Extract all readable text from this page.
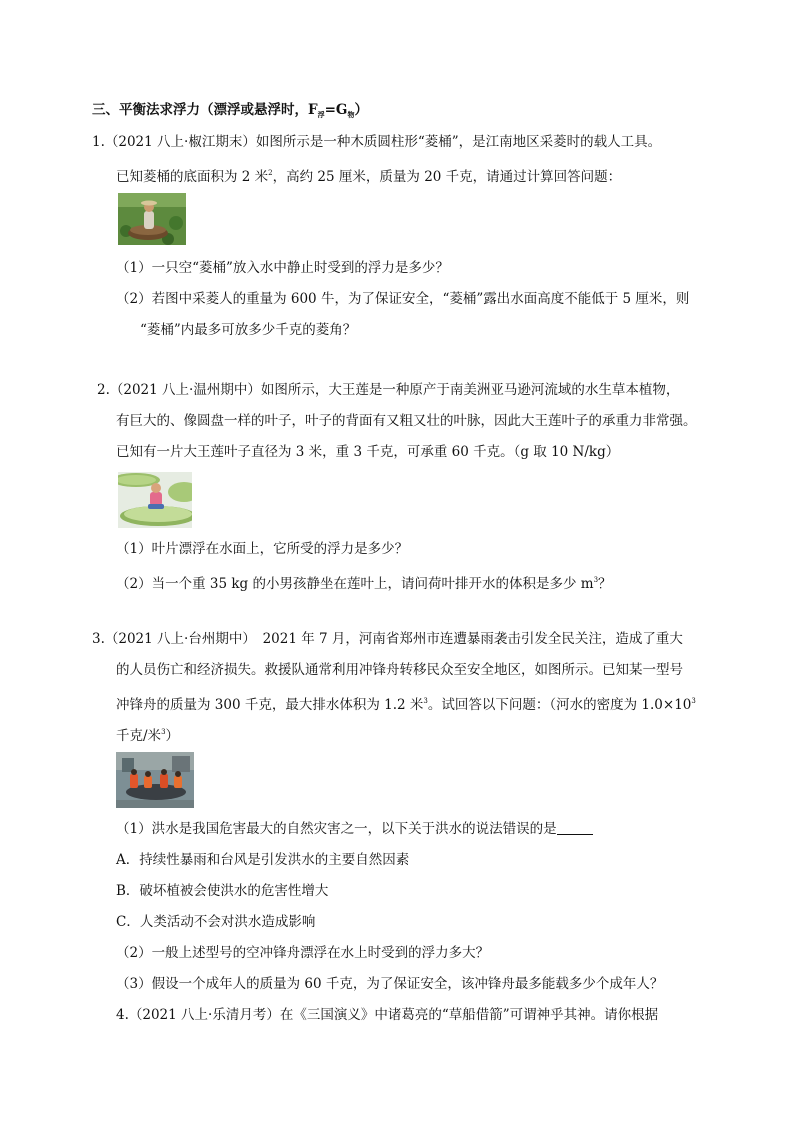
三、平衡法求浮力（漂浮或悬浮时，$F_浮=G_物$）
1.（2021 八上·椒江期末）如图所示是一种木质圆柱形“菱桶”，是江南地区采菱时的载人工具。
已知菱桶的底面积为 2 米$^2$，高约 25 厘米，质量为 20 千克，请通过计算回答问题：
（1）一只空“菱桶”放入水中静止时受到的浮力是多少？
（2）若图中采菱人的重量为 600 牛，为了保证安全，“菱桶”露出水面高度不能低于 5 厘米，则
“菱桶”内最多可放多少千克的菱角？
2.（2021 八上·温州期中）如图所示，大王莲是一种原产于南美洲亚马逊河流域的水生草本植物，
有巨大的、像圆盘一样的叶子，叶子的背面有又粗又壮的叶脉，因此大王莲叶子的承重力非常强。
已知有一片大王莲叶子直径为 3 米，重 3 千克，可承重 60 千克。（g 取 10 N/kg）
（1）叶片漂浮在水面上，它所受的浮力是多少？
（2）当一个重 35 kg 的小男孩静坐在莲叶上，请问荷叶排开水的体积是多少 $m^3$？
3.（2021 八上·台州期中）　2021 年 7 月，河南省郑州市连遭暴雨袭击引发全民关注，造成了重大
的人员伤亡和经济损失。救援队通常利用冲锋舟转移民众至安全地区，如图所示。已知某一型号
冲锋舟的质量为 300 千克，最大排水体积为 1.2 米$^3$。试回答以下问题：（河水的密度为 $1.0\times 10^3$
千克/米$^3$）
（1）洪水是我国危害最大的自然灾害之一，以下关于洪水的说法错误的是
A．持续性暴雨和台风是引发洪水的主要自然因素
B．破坏植被会使洪水的危害性增大
C．人类活动不会对洪水造成影响
（2）一般上述型号的空冲锋舟漂浮在水上时受到的浮力多大？
（3）假设一个成年人的质量为 60 千克，为了保证安全，该冲锋舟最多能载多少个成年人？
4.（2021 八上·乐清月考）在《三国演义》中诸葛亮的“草船借箭”可谓神乎其神。请你根据
